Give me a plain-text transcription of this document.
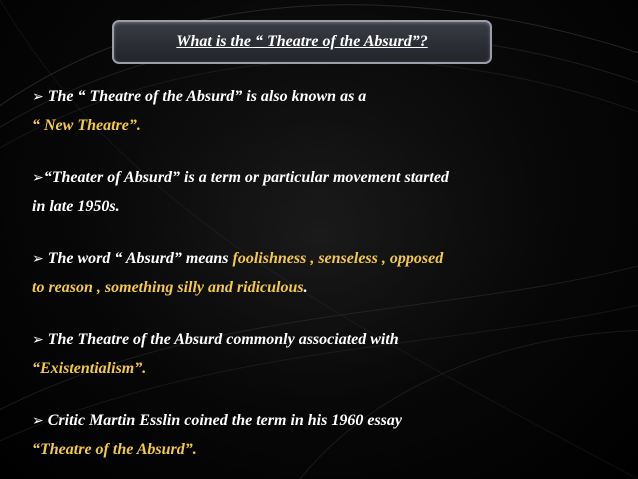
What is the “ Theatre of the Absurd”?
➢ The “ Theatre of the Absurd” is also known as a
“ New Theatre”.
➢“Theater of Absurd” is a term or particular movement started
in late 1950s.
➢ The word “ Absurd” means foolishness , senseless , opposed
to reason , something silly and ridiculous.
➢ The Theatre of the Absurd commonly associated with
“Existentialism”.
➢ Critic Martin Esslin coined the term in his 1960 essay
“Theatre of the Absurd”.
